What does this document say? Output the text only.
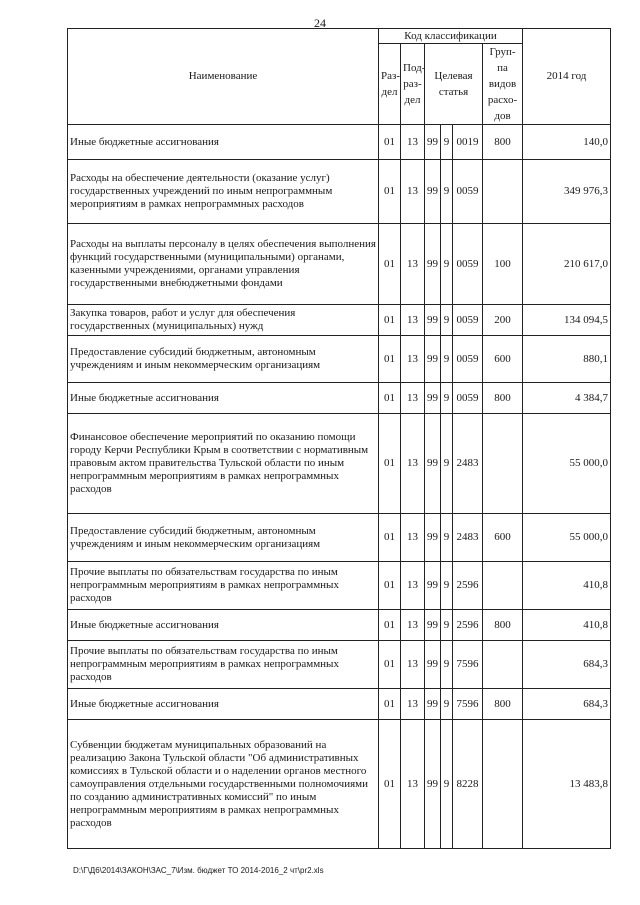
24
Наименование	Код классификации						2014 год
	Раз-дел	Под-раз-дел	Целевая статья			Груп-па видов расхо-дов	
Иные бюджетные ассигнования	01	13	99	9	0019	800	140,0
Расходы на обеспечение деятельности (оказание услуг) государственных учреждений по иным непрограммным мероприятиям в рамках непрограммных расходов	01	13	99	9	0059		349 976,3
Расходы на выплаты персоналу в целях обеспечения выполнения функций государственными (муниципальными) органами, казенными учреждениями, органами управления государственными внебюджетными фондами	01	13	99	9	0059	100	210 617,0
Закупка товаров, работ и услуг для обеспечения государственных (муниципальных) нужд	01	13	99	9	0059	200	134 094,5
Предоставление субсидий бюджетным, автономным учреждениям и иным некоммерческим организациям	01	13	99	9	0059	600	880,1
Иные бюджетные ассигнования	01	13	99	9	0059	800	4 384,7
Финансовое обеспечение мероприятий по оказанию помощи городу Керчи Республики Крым в соответствии с нормативным правовым актом правительства Тульской области по иным непрограммным мероприятиям в рамках непрограммных расходов	01	13	99	9	2483		55 000,0
Предоставление субсидий бюджетным, автономным учреждениям и иным некоммерческим организациям	01	13	99	9	2483	600	55 000,0
Прочие выплаты по обязательствам государства по иным непрограммным мероприятиям в рамках непрограммных расходов	01	13	99	9	2596		410,8
Иные бюджетные ассигнования	01	13	99	9	2596	800	410,8
Прочие выплаты по обязательствам государства по иным непрограммным мероприятиям в рамках непрограммных расходов	01	13	99	9	7596		684,3
Иные бюджетные ассигнования	01	13	99	9	7596	800	684,3
Субвенции бюджетам муниципальных образований на реализацию Закона Тульской области "Об административных комиссиях в Тульской области и о наделении органов местного самоуправления отдельными государственными полномочиями по созданию административных комиссий" по иным непрограммным мероприятиям в рамках непрограммных расходов	01	13	99	9	8228		13 483,8
D:\Г\Д6\2014\ЗАКОН\ЗАС_7\Изм. бюджет ТО 2014-2016_2 чт\pr2.xls
